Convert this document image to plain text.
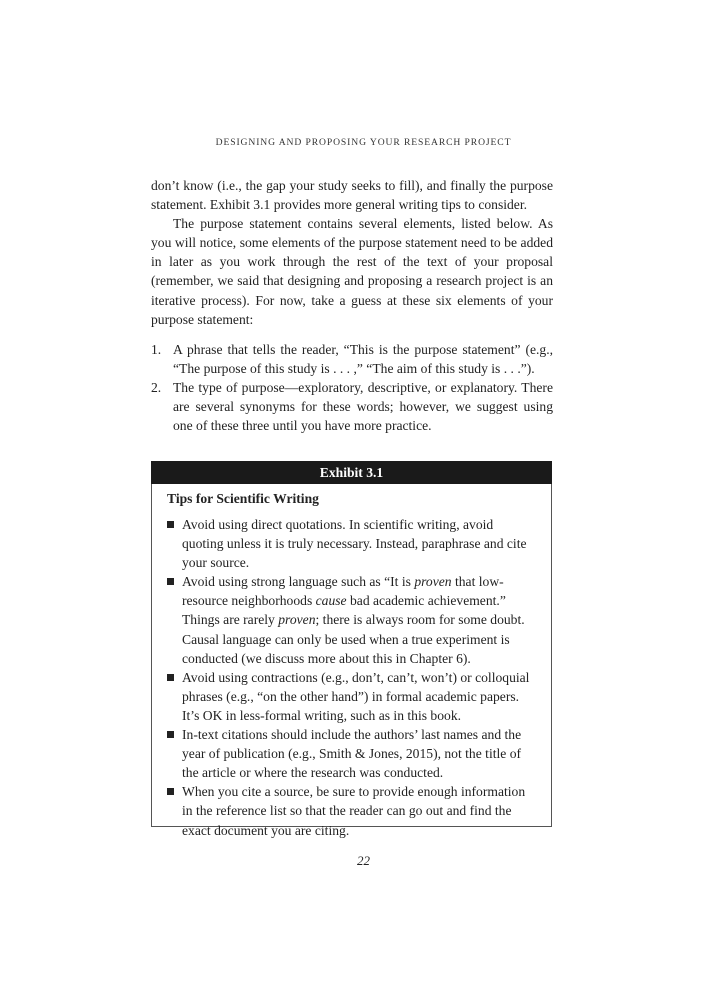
DESIGNING AND PROPOSING YOUR RESEARCH PROJECT

don’t know (i.e., the gap your study seeks to fill), and finally the purpose statement. Exhibit 3.1 provides more general writing tips to consider.

The purpose statement contains several elements, listed below. As you will notice, some elements of the purpose statement need to be added in later as you work through the rest of the text of your proposal (remember, we said that designing and proposing a research project is an iterative process). For now, take a guess at these six elements of your purpose statement:

1. A phrase that tells the reader, “This is the purpose statement” (e.g., “The purpose of this study is . . . ,” “The aim of this study is . . .”).
2. The type of purpose—exploratory, descriptive, or explanatory. There are several synonyms for these words; however, we suggest using one of these three until you have more practice.
Exhibit 3.1
Tips for Scientific Writing
Avoid using direct quotations. In scientific writing, avoid quoting unless it is truly necessary. Instead, paraphrase and cite your source.
Avoid using strong language such as “It is proven that low-resource neighborhoods cause bad academic achievement.” Things are rarely proven; there is always room for some doubt. Causal language can only be used when a true experiment is conducted (we discuss more about this in Chapter 6).
Avoid using contractions (e.g., don’t, can’t, won’t) or colloquial phrases (e.g., “on the other hand”) in formal academic papers. It’s OK in less-formal writing, such as in this book.
In-text citations should include the authors’ last names and the year of publication (e.g., Smith & Jones, 2015), not the title of the article or where the research was conducted.
When you cite a source, be sure to provide enough information in the reference list so that the reader can go out and find the exact document you are citing.
22
